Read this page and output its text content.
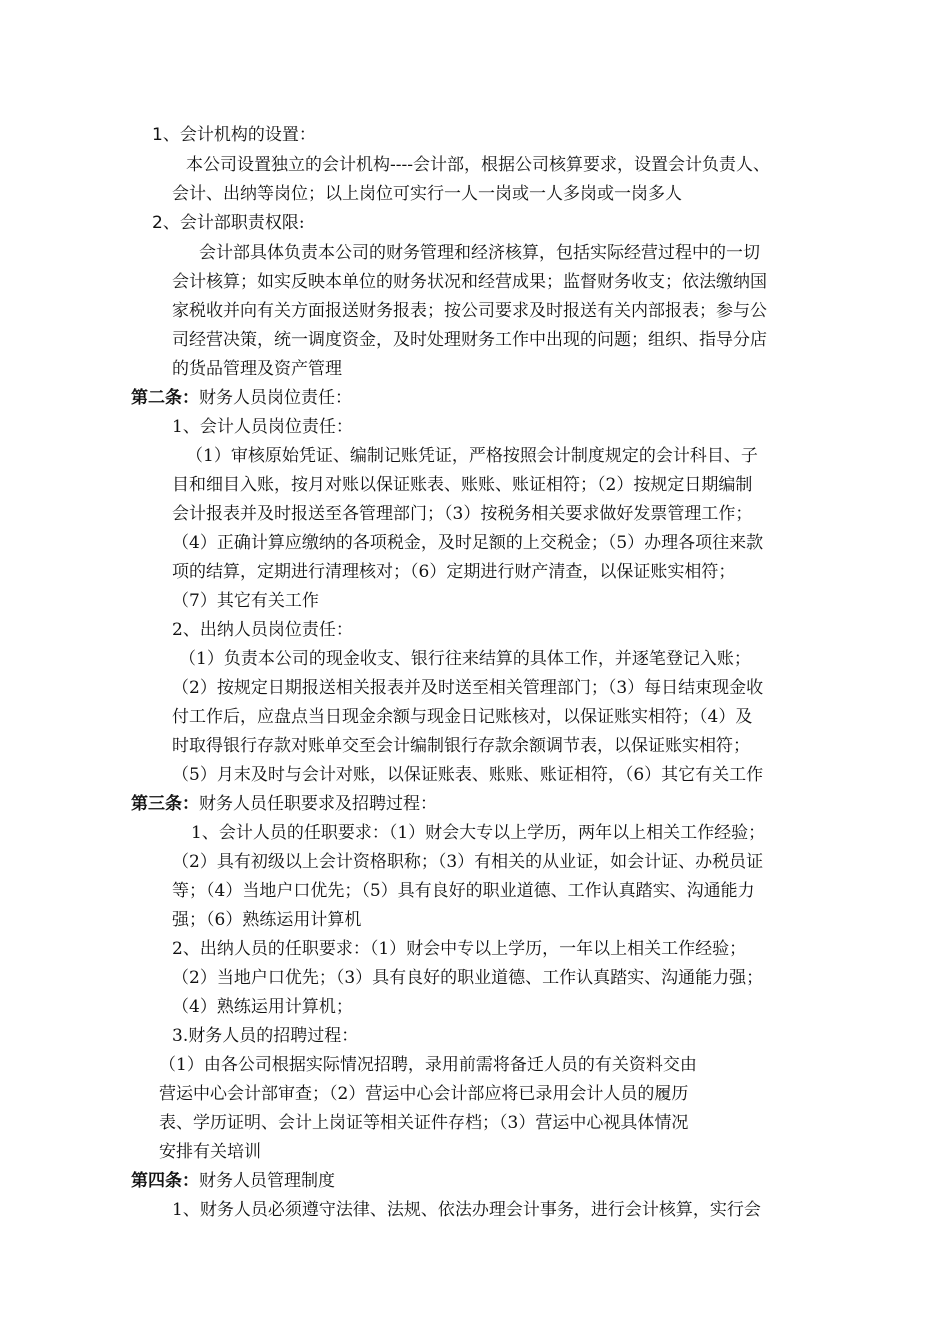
1、会计机构的设置：
本公司设置独立的会计机构----会计部，根据公司核算要求，设置会计负责人、
会计、出纳等岗位；以上岗位可实行一人一岗或一人多岗或一岗多人
2、会计部职责权限:
会计部具体负责本公司的财务管理和经济核算，包括实际经营过程中的一切
会计核算；如实反映本单位的财务状况和经营成果；监督财务收支；依法缴纳国
家税收并向有关方面报送财务报表；按公司要求及时报送有关内部报表；参与公
司经营决策，统一调度资金，及时处理财务工作中出现的问题；组织、指导分店
的货品管理及资产管理
第二条：财务人员岗位责任：
1、会计人员岗位责任：
（1）审核原始凭证、编制记账凭证，严格按照会计制度规定的会计科目、子
目和细目入账，按月对账以保证账表、账账、账证相符；（2）按规定日期编制
会计报表并及时报送至各管理部门；（3）按税务相关要求做好发票管理工作；
（4）正确计算应缴纳的各项税金，及时足额的上交税金；（5）办理各项往来款
项的结算，定期进行清理核对；（6）定期进行财产清查，以保证账实相符；
（7）其它有关工作
2、出纳人员岗位责任：
（1）负责本公司的现金收支、银行往来结算的具体工作，并逐笔登记入账；
（2）按规定日期报送相关报表并及时送至相关管理部门；（3）每日结束现金收
付工作后，应盘点当日现金余额与现金日记账核对，以保证账实相符；（4）及
时取得银行存款对账单交至会计编制银行存款余额调节表，以保证账实相符；
（5）月末及时与会计对账，以保证账表、账账、账证相符，（6）其它有关工作
第三条：财务人员任职要求及招聘过程：
1、会计人员的任职要求：（1）财会大专以上学历，两年以上相关工作经验；
（2）具有初级以上会计资格职称；（3）有相关的从业证，如会计证、办税员证
等；（4）当地户口优先；（5）具有良好的职业道德、工作认真踏实、沟通能力
强；（6）熟练运用计算机
2、出纳人员的任职要求：（1）财会中专以上学历，一年以上相关工作经验；
（2）当地户口优先；（3）具有良好的职业道德、工作认真踏实、沟通能力强；
（4）熟练运用计算机；
3.财务人员的招聘过程：
（1）由各公司根据实际情况招聘，录用前需将备迁人员的有关资料交由
营运中心会计部审查；（2）营运中心会计部应将已录用会计人员的履历
表、学历证明、会计上岗证等相关证件存档；（3）营运中心视具体情况
安排有关培训
第四条：财务人员管理制度
1、财务人员必须遵守法律、法规、依法办理会计事务，进行会计核算，实行会
